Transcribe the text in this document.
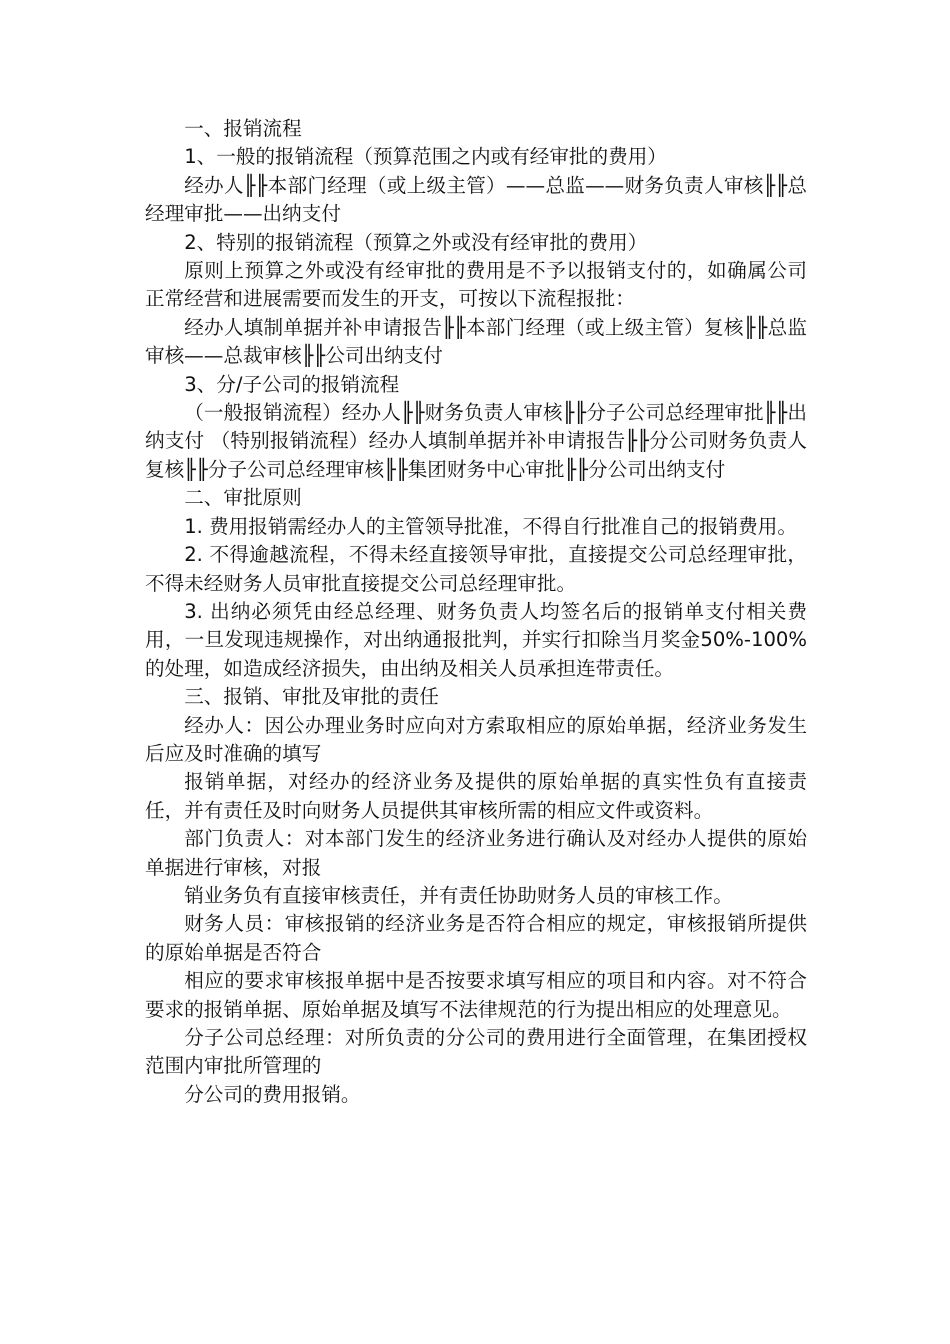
一、报销流程

1、一般的报销流程（预算范围之内或有经审批的费用）

经办人╟╟本部门经理（或上级主管）——总监——财务负责人审核╟╟总经理审批——出纳支付

2、特别的报销流程（预算之外或没有经审批的费用）

原则上预算之外或没有经审批的费用是不予以报销支付的，如确属公司正常经营和进展需要而发生的开支，可按以下流程报批：

经办人填制单据并补申请报告╟╟本部门经理（或上级主管）复核╟╟总监审核——总裁审核╟╟公司出纳支付

3、分/子公司的报销流程

（一般报销流程）经办人╟╟财务负责人审核╟╟分子公司总经理审批╟╟出纳支付 （特别报销流程）经办人填制单据并补申请报告╟╟分公司财务负责人复核╟╟分子公司总经理审核╟╟集团财务中心审批╟╟分公司出纳支付

二、审批原则

1. 费用报销需经办人的主管领导批准，不得自行批准自己的报销费用。

2. 不得逾越流程，不得未经直接领导审批，直接提交公司总经理审批，不得未经财务人员审批直接提交公司总经理审批。

3. 出纳必须凭由经总经理、财务负责人均签名后的报销单支付相关费用，一旦发现违规操作，对出纳通报批判，并实行扣除当月奖金50%-100%的处理，如造成经济损失，由出纳及相关人员承担连带责任。

三、报销、审批及审批的责任

经办人：因公办理业务时应向对方索取相应的原始单据，经济业务发生后应及时准确的填写

报销单据，对经办的经济业务及提供的原始单据的真实性负有直接责任，并有责任及时向财务人员提供其审核所需的相应文件或资料。

部门负责人：对本部门发生的经济业务进行确认及对经办人提供的原始单据进行审核，对报

销业务负有直接审核责任，并有责任协助财务人员的审核工作。

财务人员：审核报销的经济业务是否符合相应的规定，审核报销所提供的原始单据是否符合

相应的要求审核报单据中是否按要求填写相应的项目和内容。对不符合要求的报销单据、原始单据及填写不法律规范的行为提出相应的处理意见。

分子公司总经理：对所负责的分公司的费用进行全面管理，在集团授权范围内审批所管理的

分公司的费用报销。
